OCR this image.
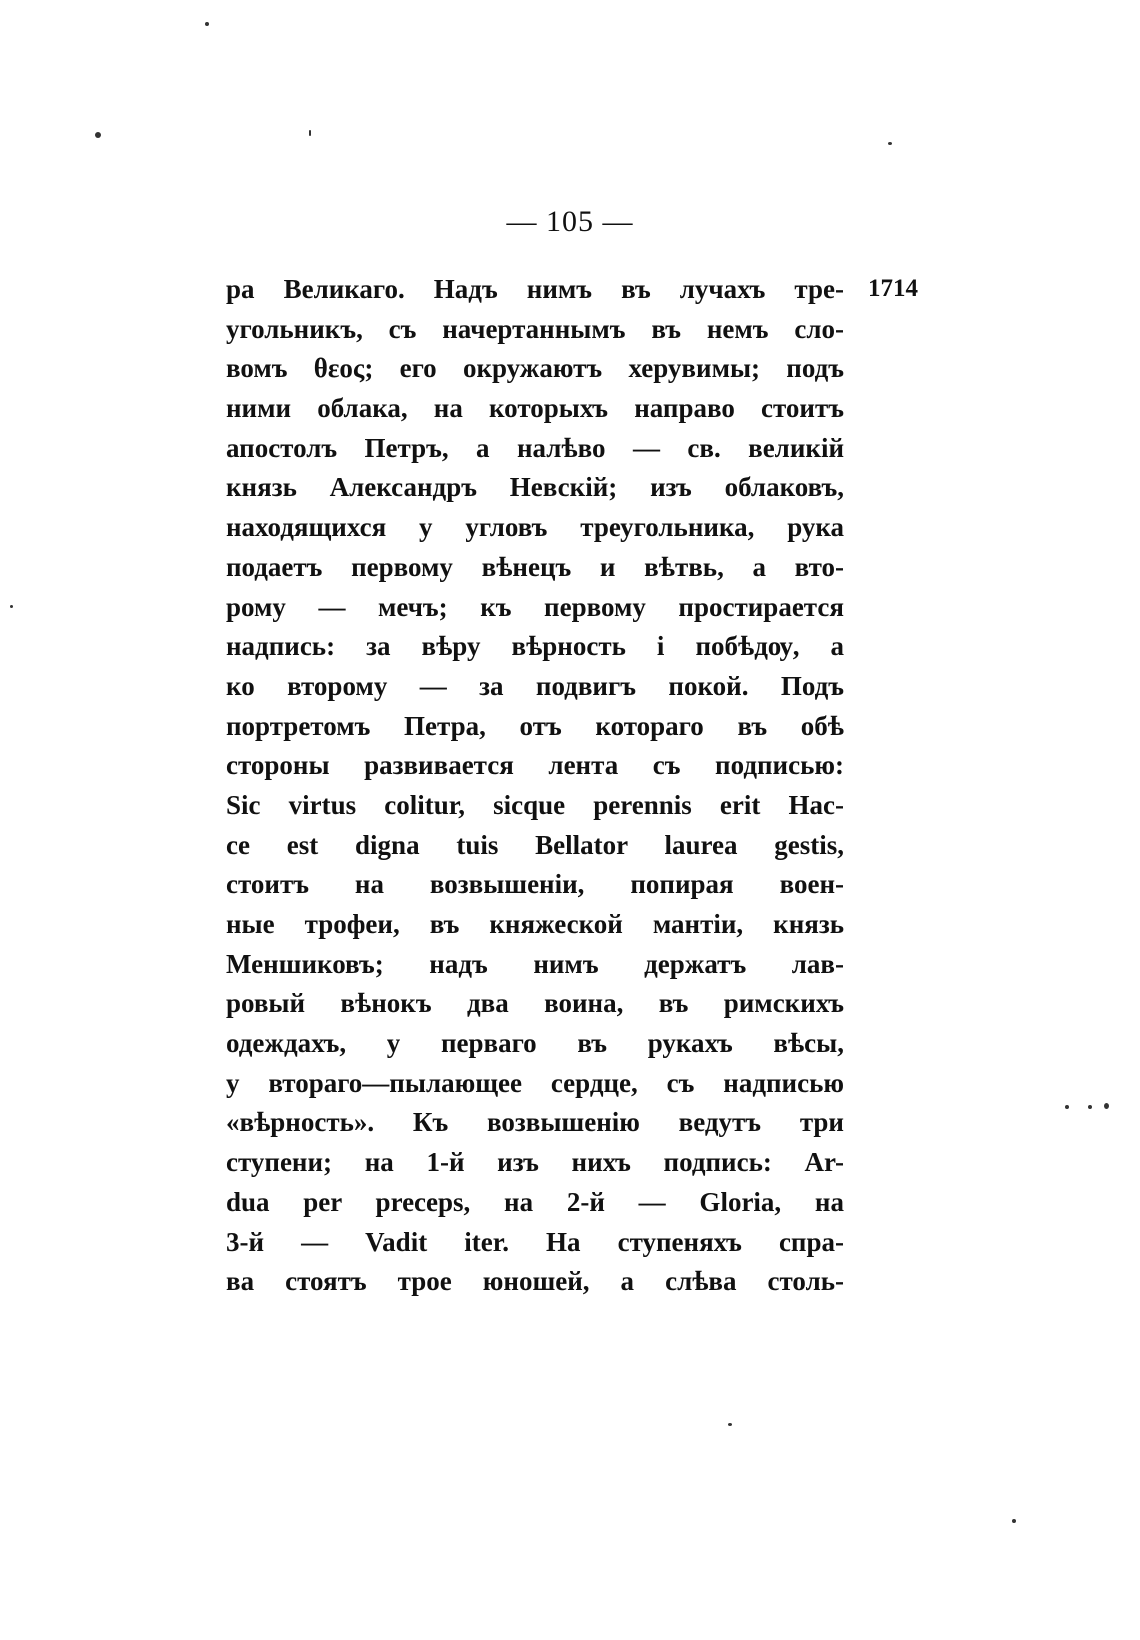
— 105 —
1714
ра Великаго. Надъ нимъ въ лучахъ тре-
угольникъ, съ начертаннымъ въ немъ сло-
вомъ θεος; его окружаютъ херувимы; подъ
ними облака, на которыхъ направо стоитъ
апостолъ Петръ, а налѣво — св. великій
князь Александръ Невскій; изъ облаковъ,
находящихся у угловъ треугольника, рука
подаетъ первому вѣнецъ и вѣтвь, а вто-
рому — мечъ; къ первому простирается
надпись: за вѣру вѣрность і побѣдѹ, а
ко второму — за подвигъ покой. Подъ
портретомъ Петра, отъ котораго въ обѣ
стороны развивается лента съ подписью:
Sic virtus colitur, sicque perennis erit Нас-
ce est digna tuis Bellator laurea gestis,
стоитъ на возвышеніи, попирая воен-
ные трофеи, въ княжеской мантіи, князь
Меншиковъ; надъ нимъ держатъ лав-
ровый вѣнокъ два воина, въ римскихъ
одеждахъ, у перваго въ рукахъ вѣсы,
у втораго—пылающее сердце, съ надписью
«вѣрность». Къ возвышенію ведутъ три
ступени; на 1-й изъ нихъ подпись: Ar-
dua per preceps, на 2-й — Gloria, на
3-й — Vadit iter. На ступеняхъ спра-
ва стоятъ трое юношей, а слѣва столь-
